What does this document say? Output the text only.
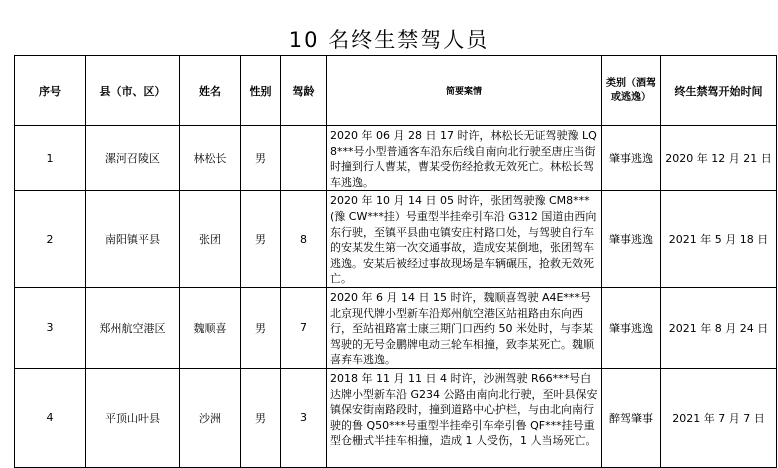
10 名终生禁驾人员
序号	县（市、区）	姓名	性别	驾龄	简要案情	类别（酒驾或逃逸）	终生禁驾开始时间
1	漯河召陵区	林松长	男		2020 年 06 月 28 日 17 时许，林松长无证驾驶豫 LQ8***号小型普通客车沿东后线自南向北行驶至唐庄当街时撞到行人曹某，曹某受伤经抢救无效死亡。林松长驾车逃逸。	肇事逃逸	2020 年 12 月 21 日
2	南阳镇平县	张团	男	8	2020 年 10 月 14 日 05 时许，张团驾驶豫 CM8***(豫 CW***挂）号重型半挂牵引车沿 G312 国道由西向东行驶，至镇平县曲屯镇安庄村路口处，与驾驶自行车的安某发生第一次交通事故，造成安某倒地，张团驾车逃逸。安某后被经过事故现场是车辆碾压，抢救无效死亡。	肇事逃逸	2021 年 5 月 18 日
3	郑州航空港区	魏顺喜	男	7	2020 年 6 月 14 日 15 时许，魏顺喜驾驶 A4E***号北京现代牌小型新车沿郑州航空港区站祖路由东向西行，至站祖路富士康三期门口西约 50 米处时，与李某驾驶的无号金鹏牌电动三轮车相撞，致李某死亡。魏顺喜弃车逃逸。	肇事逃逸	2021 年 8 月 24 日
4	平顶山叶县	沙洲	男	3	2018 年 11 月 11 日 4 时许，沙洲驾驶 R66***号白达牌小型新车沿 G234 公路由南向北行驶，至叶县保安镇保安街南路段时，撞到道路中心护栏，与由北向南行驶的鲁 Q50***号重型半挂牵引车牵引鲁 QF***挂号重型仓栅式半挂车相撞，造成 1 人受伤，1 人当场死亡。	醉驾肇事	2021 年 7 月 7 日
